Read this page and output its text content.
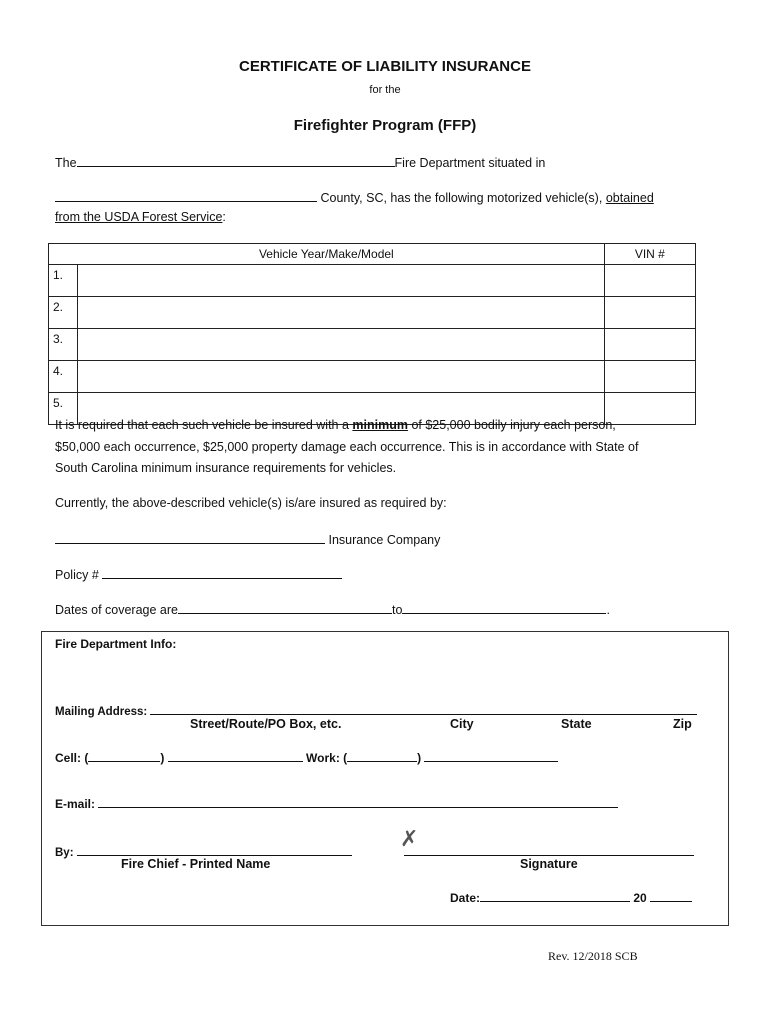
CERTIFICATE OF LIABILITY INSURANCE
for the
Firefighter Program (FFP)
The	Fire Department situated in
County, SC, has the following motorized vehicle(s), obtained
from the USDA Forest Service:
Vehicle Year/Make/Model		VIN #
1.		
2.		
3.		
4.		
5.		
It is required that each such vehicle be insured with a minimum of $25,000 bodily injury each person,
$50,000 each occurrence, $25,000 property damage each occurrence. This is in accordance with State of
South Carolina minimum insurance requirements for vehicles.
Currently, the above-described vehicle(s) is/are insured as required by:
Insurance Company
Policy #
Dates of coverage are	to	.
Fire Department Info:
Mailing Address:
Street/Route/PO Box, etc.	City	State	Zip
Cell: (	)	Work: (	)
E-mail:
By:
✗
Fire Chief - Printed Name	Signature
Date:	20
Rev. 12/2018 SCB
